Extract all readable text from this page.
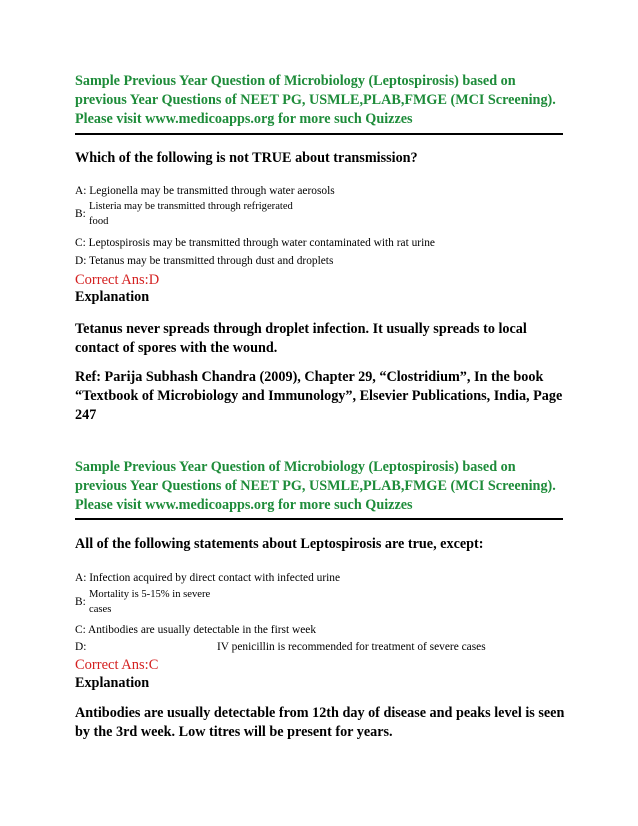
Sample Previous Year Question of Microbiology (Leptospirosis) based on
previous Year Questions of NEET PG, USMLE,PLAB,FMGE (MCI Screening).
Please visit www.medicoapps.org for more such Quizzes
Which of the following is not TRUE about transmission?
A: Legionella may be transmitted through water aerosols
B:
Listeria may be transmitted through refrigerated
food
C: Leptospirosis may be transmitted through water contaminated with rat urine
D: Tetanus may be transmitted through dust and droplets
Correct Ans:D
Explanation
Tetanus never spreads through droplet infection. It usually spreads to local contact of spores with the wound.
Ref: Parija Subhash Chandra (2009), Chapter 29, “Clostridium”, In the book “Textbook of Microbiology and Immunology”, Elsevier Publications, India, Page 247
Sample Previous Year Question of Microbiology (Leptospirosis) based on
previous Year Questions of NEET PG, USMLE,PLAB,FMGE (MCI Screening).
Please visit www.medicoapps.org for more such Quizzes
All of the following statements about Leptospirosis are true, except:
A: Infection acquired by direct contact with infected urine
B:
Mortality is 5-15% in severe
cases
C: Antibodies are usually detectable in the first week
D:	IV penicillin is recommended for treatment of severe cases
Correct Ans:C
Explanation
Antibodies are usually detectable from 12th day of disease and peaks level is seen by the 3rd week. Low titres will be present for years.
